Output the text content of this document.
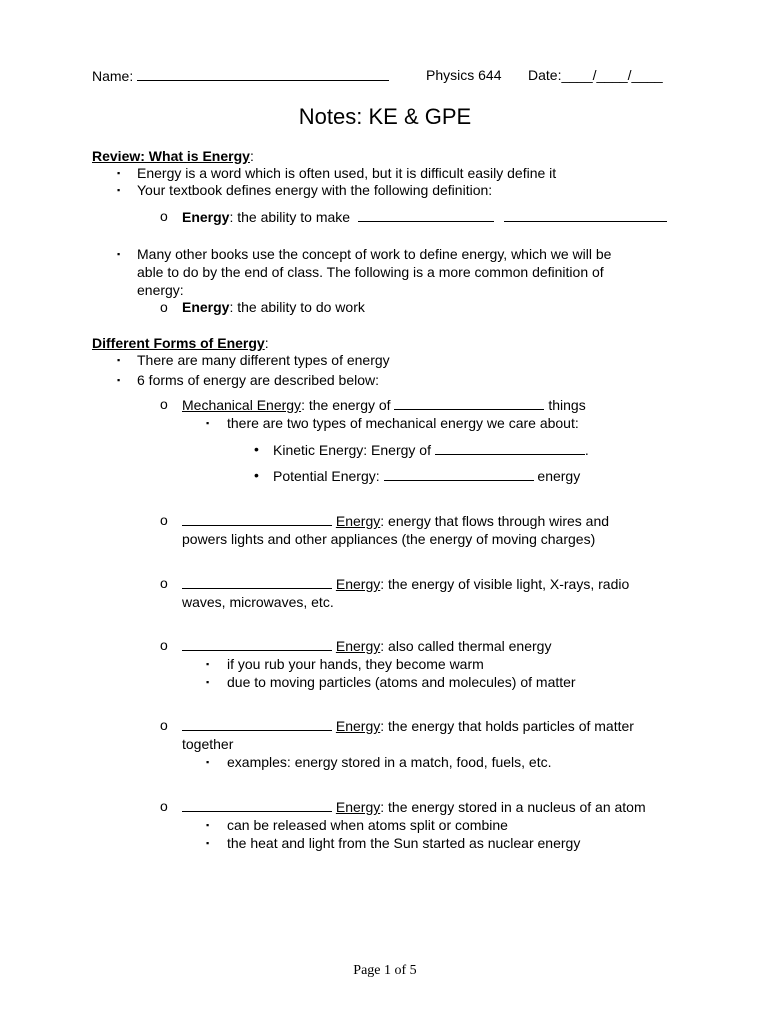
Name:	Physics 644 Date:____/____/____
Notes: KE & GPE
Review: What is Energy:
▪ Energy is a word which is often used, but it is difficult easily define it
▪ Your textbook defines energy with the following definition:
o Energy: the ability to make
▪ Many other books use the concept of work to define energy, which we will be
able to do by the end of class. The following is a more common definition of
energy:
o Energy: the ability to do work
Different Forms of Energy:
▪ There are many different types of energy
▪ 6 forms of energy are described below:
o Mechanical Energy: the energy of	things
▪ there are two types of mechanical energy we care about:
• Kinetic Energy: Energy of	.
• Potential Energy:	energy
o	Energy: energy that flows through wires and
powers lights and other appliances (the energy of moving charges)
o	Energy: the energy of visible light, X-rays, radio
waves, microwaves, etc.
o	Energy: also called thermal energy
▪ if you rub your hands, they become warm
▪ due to moving particles (atoms and molecules) of matter
o	Energy: the energy that holds particles of matter
together
▪ examples: energy stored in a match, food, fuels, etc.
o	Energy: the energy stored in a nucleus of an atom
▪ can be released when atoms split or combine
▪ the heat and light from the Sun started as nuclear energy
Page 1 of 5
